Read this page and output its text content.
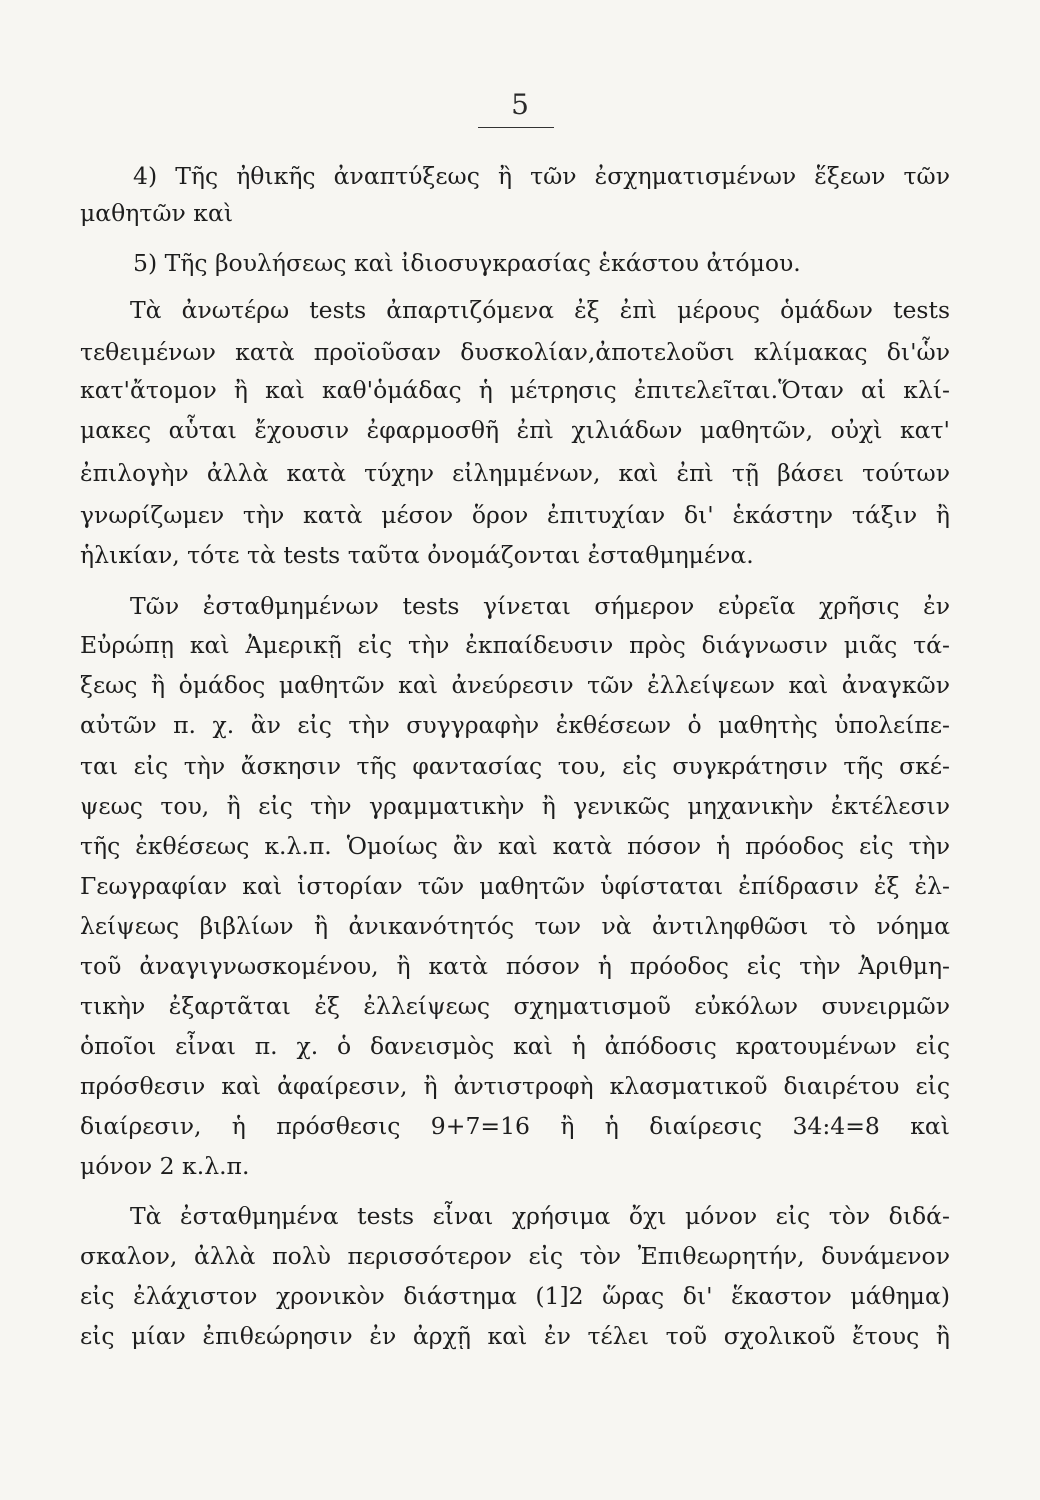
5
4) Τῆς ἠθικῆς ἀναπτύξεως ἢ τῶν ἐσχηματισμένων ἕξεων τῶν
μαθητῶν καὶ
5) Τῆς βουλήσεως καὶ ἰδιοσυγκρασίας ἑκάστου ἀτόμου.
Τὰ ἀνωτέρω tests ἀπαρτιζόμενα ἐξ ἐπὶ μέρους ὁμάδων tests
τεθειμένων κατὰ προϊοῦσαν δυσκολίαν,ἀποτελοῦσι κλίμακας δι'ὧν
κατ'ἄτομον ἢ καὶ καθ'ὁμάδας ἡ μέτρησις ἐπιτελεῖται.Ὅταν αἱ κλί-
μακες αὗται ἔχουσιν ἐφαρμοσθῆ ἐπὶ χιλιάδων μαθητῶν, οὐχὶ κατ'
ἐπιλογὴν ἀλλὰ κατὰ τύχην εἰλημμένων, καὶ ἐπὶ τῇ βάσει τούτων
γνωρίζωμεν τὴν κατὰ μέσον ὅρον ἐπιτυχίαν δι' ἑκάστην τάξιν ἢ
ἡλικίαν, τότε τὰ tests ταῦτα ὀνομάζονται ἐσταθμημένα.
Τῶν ἐσταθμημένων tests γίνεται σήμερον εὐρεῖα χρῆσις ἐν
Εὐρώπῃ καὶ Ἀμερικῇ εἰς τὴν ἐκπαίδευσιν πρὸς διάγνωσιν μιᾶς τά-
ξεως ἢ ὁμάδος μαθητῶν καὶ ἀνεύρεσιν τῶν ἐλλείψεων καὶ ἀναγκῶν
αὐτῶν π. χ. ἂν εἰς τὴν συγγραφὴν ἐκθέσεων ὁ μαθητὴς ὑπολείπε-
ται εἰς τὴν ἄσκησιν τῆς φαντασίας του, εἰς συγκράτησιν τῆς σκέ-
ψεως του, ἢ εἰς τὴν γραμματικὴν ἢ γενικῶς μηχανικὴν ἐκτέλεσιν
τῆς ἐκθέσεως κ.λ.π. Ὁμοίως ἂν καὶ κατὰ πόσον ἡ πρόοδος εἰς τὴν
Γεωγραφίαν καὶ ἱστορίαν τῶν μαθητῶν ὑφίσταται ἐπίδρασιν ἐξ ἐλ-
λείψεως βιβλίων ἢ ἀνικανότητός των νὰ ἀντιληφθῶσι τὸ νόημα
τοῦ ἀναγιγνωσκομένου, ἢ κατὰ πόσον ἡ πρόοδος εἰς τὴν Ἀριθμη-
τικὴν ἐξαρτᾶται ἐξ ἐλλείψεως σχηματισμοῦ εὐκόλων συνειρμῶν
ὁποῖοι εἶναι π. χ. ὁ δανεισμὸς καὶ ἡ ἀπόδοσις κρατουμένων εἰς
πρόσθεσιν καὶ ἀφαίρεσιν, ἢ ἀντιστροφὴ κλασματικοῦ διαιρέτου εἰς
διαίρεσιν, ἡ πρόσθεσις 9+7=16 ἢ ἡ διαίρεσις 34:4=8 καὶ
μόνον 2 κ.λ.π.
Τὰ ἐσταθμημένα tests εἶναι χρήσιμα ὄχι μόνον εἰς τὸν διδά-
σκαλον, ἀλλὰ πολὺ περισσότερον εἰς τὸν Ἐπιθεωρητήν, δυνάμενον
εἰς ἐλάχιστον χρονικὸν διάστημα (1]2 ὥρας δι' ἕκαστον μάθημα)
εἰς μίαν ἐπιθεώρησιν ἐν ἀρχῇ καὶ ἐν τέλει τοῦ σχολικοῦ ἔτους ἢ
